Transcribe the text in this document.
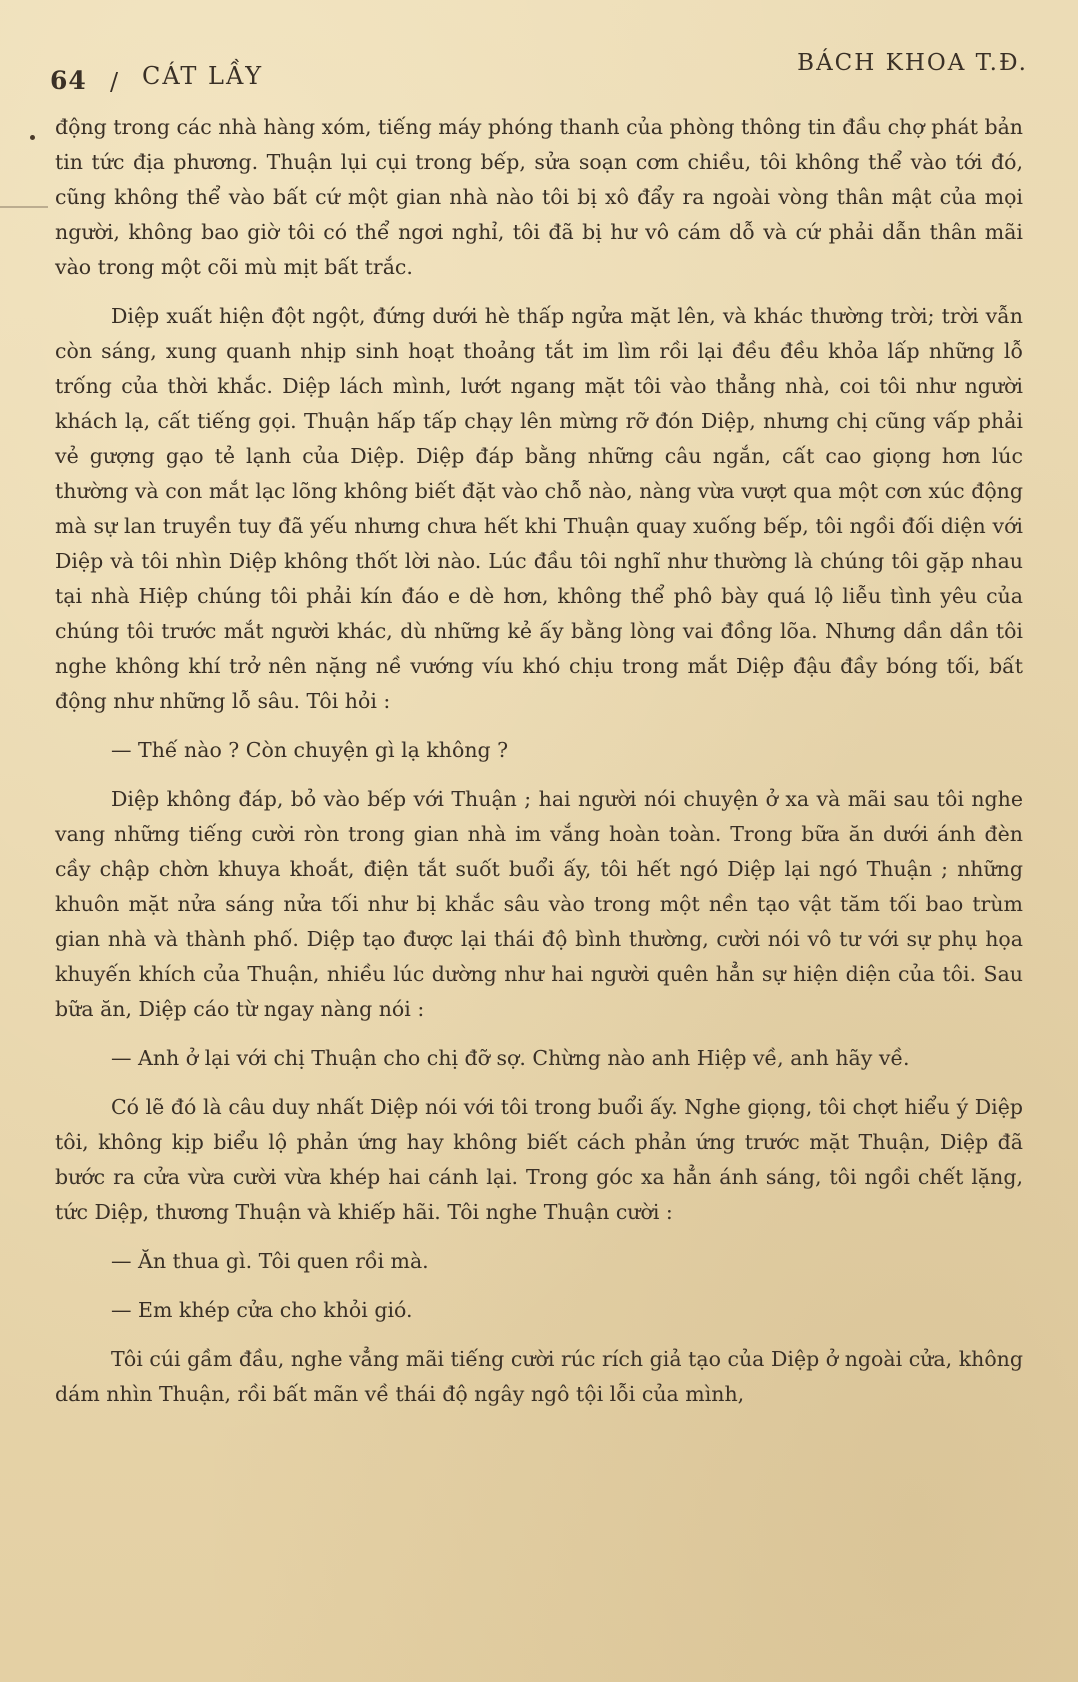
64 / CÁT LẦY	BÁCH KHOA T.Đ.

động trong các nhà hàng xóm, tiếng máy phóng thanh của phòng thông tin đầu chợ phát bản tin tức địa phương. Thuận lụi cụi trong bếp, sửa soạn cơm chiều, tôi không thể vào tới đó, cũng không thể vào bất cứ một gian nhà nào tôi bị xô đẩy ra ngoài vòng thân mật của mọi người, không bao giờ tôi có thể ngơi nghỉ, tôi đã bị hư vô cám dỗ và cứ phải dẫn thân mãi vào trong một cõi mù mịt bất trắc.

Diệp xuất hiện đột ngột, đứng dưới hè thấp ngửa mặt lên, và khác thường trời; trời vẫn còn sáng, xung quanh nhịp sinh hoạt thoảng tắt im lìm rồi lại đều đều khỏa lấp những lỗ trống của thời khắc. Diệp lách mình, lướt ngang mặt tôi vào thẳng nhà, coi tôi như người khách lạ, cất tiếng gọi. Thuận hấp tấp chạy lên mừng rỡ đón Diệp, nhưng chị cũng vấp phải vẻ gượng gạo tẻ lạnh của Diệp. Diệp đáp bằng những câu ngắn, cất cao giọng hơn lúc thường và con mắt lạc lõng không biết đặt vào chỗ nào, nàng vừa vượt qua một cơn xúc động mà sự lan truyền tuy đã yếu nhưng chưa hết khi Thuận quay xuống bếp, tôi ngồi đối diện với Diệp và tôi nhìn Diệp không thốt lời nào. Lúc đầu tôi nghĩ như thường là chúng tôi gặp nhau tại nhà Hiệp chúng tôi phải kín đáo e dè hơn, không thể phô bày quá lộ liễu tình yêu của chúng tôi trước mắt người khác, dù những kẻ ấy bằng lòng vai đồng lõa. Nhưng dần dần tôi nghe không khí trở nên nặng nề vướng víu khó chịu trong mắt Diệp đậu đầy bóng tối, bất động như những lỗ sâu. Tôi hỏi :

— Thế nào ? Còn chuyện gì lạ không ?

Diệp không đáp, bỏ vào bếp với Thuận ; hai người nói chuyện ở xa và mãi sau tôi nghe vang những tiếng cười ròn trong gian nhà im vắng hoàn toàn. Trong bữa ăn dưới ánh đèn cầy chập chờn khuya khoắt, điện tắt suốt buổi ấy, tôi hết ngó Diệp lại ngó Thuận ; những khuôn mặt nửa sáng nửa tối như bị khắc sâu vào trong một nền tạo vật tăm tối bao trùm gian nhà và thành phố. Diệp tạo được lại thái độ bình thường, cười nói vô tư với sự phụ họa khuyến khích của Thuận, nhiều lúc dường như hai người quên hẳn sự hiện diện của tôi. Sau bữa ăn, Diệp cáo từ ngay nàng nói :

— Anh ở lại với chị Thuận cho chị đỡ sợ. Chừng nào anh Hiệp về, anh hãy về.

Có lẽ đó là câu duy nhất Diệp nói với tôi trong buổi ấy. Nghe giọng, tôi chợt hiểu ý Diệp tôi, không kịp biểu lộ phản ứng hay không biết cách phản ứng trước mặt Thuận, Diệp đã bước ra cửa vừa cười vừa khép hai cánh lại. Trong góc xa hẳn ánh sáng, tôi ngồi chết lặng, tức Diệp, thương Thuận và khiếp hãi. Tôi nghe Thuận cười :

— Ăn thua gì. Tôi quen rồi mà.

— Em khép cửa cho khỏi gió.

Tôi cúi gầm đầu, nghe vẳng mãi tiếng cười rúc rích giả tạo của Diệp ở ngoài cửa, không dám nhìn Thuận, rồi bất mãn về thái độ ngây ngô tội lỗi của mình,
